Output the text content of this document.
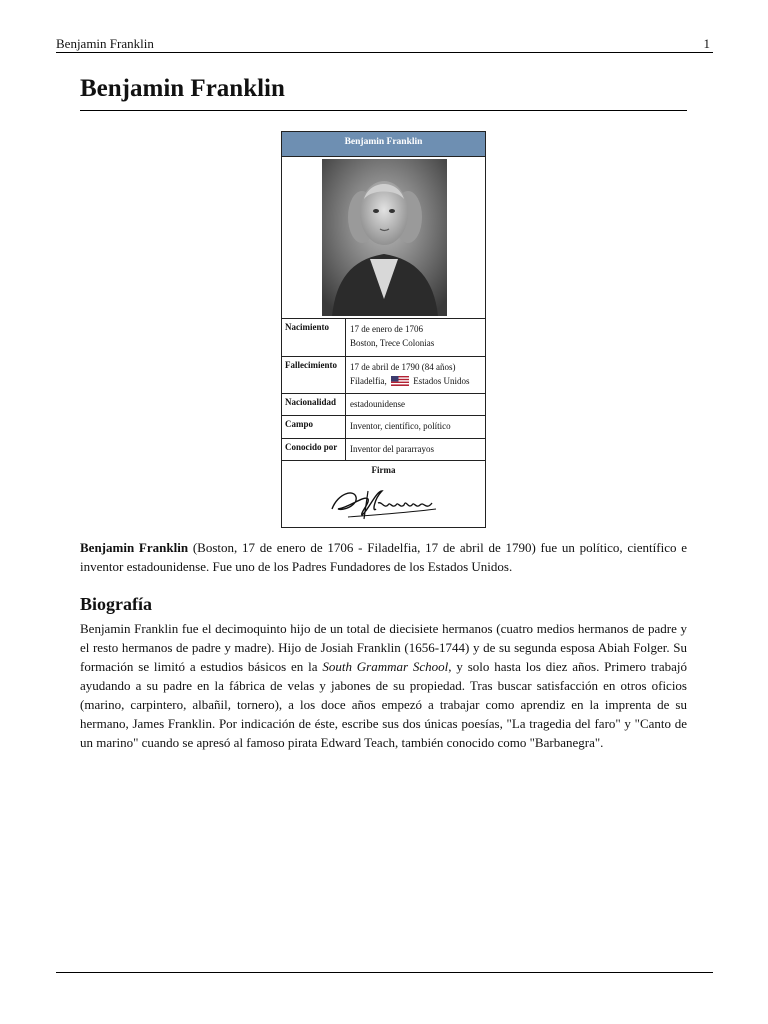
Benjamin Franklin	1
Benjamin Franklin
Benjamin Franklin
Nacimiento	17 de enero de 1706
Boston, Trece Colonias
Fallecimiento	17 de abril de 1790 (84 años)
Filadelfia,	Estados Unidos
Nacionalidad	estadounidense
Campo	Inventor, científico, político
Conocido por	Inventor del pararrayos
Firma

Benjamin Franklin (Boston, 17 de enero de 1706 - Filadelfia, 17 de abril de 1790) fue un político, científico e inventor estadounidense. Fue uno de los Padres Fundadores de los Estados Unidos.

Biografía

Benjamin Franklin fue el decimoquinto hijo de un total de diecisiete hermanos (cuatro medios hermanos de padre y el resto hermanos de padre y madre). Hijo de Josiah Franklin (1656-1744) y de su segunda esposa Abiah Folger. Su formación se limitó a estudios básicos en la South Grammar School, y solo hasta los diez años. Primero trabajó ayudando a su padre en la fábrica de velas y jabones de su propiedad. Tras buscar satisfacción en otros oficios (marino, carpintero, albañil, tornero), a los doce años empezó a trabajar como aprendiz en la imprenta de su hermano, James Franklin. Por indicación de éste, escribe sus dos únicas poesías, "La tragedia del faro" y "Canto de un marino" cuando se apresó al famoso pirata Edward Teach, también conocido como "Barbanegra".
